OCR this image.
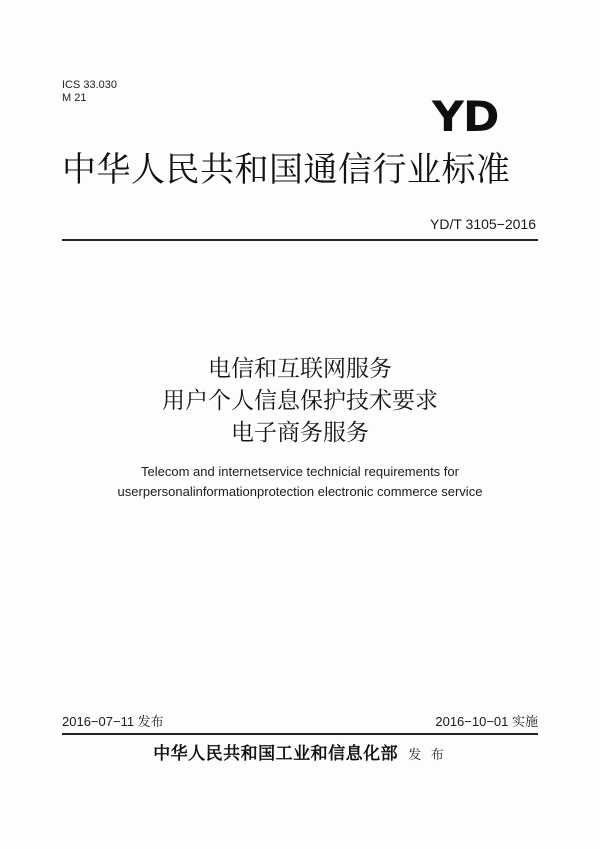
ICS 33.030
M 21	YD
中华人民共和国通信行业标准
YD/T 3105−2016
电信和互联网服务
用户个人信息保护技术要求
电子商务服务
Telecom and internetservice technicial requirements for
userpersonalinformationprotection electronic commerce service
2016−07−11 发布	2016−10−01 实施
中华人民共和国工业和信息化部 发 布
